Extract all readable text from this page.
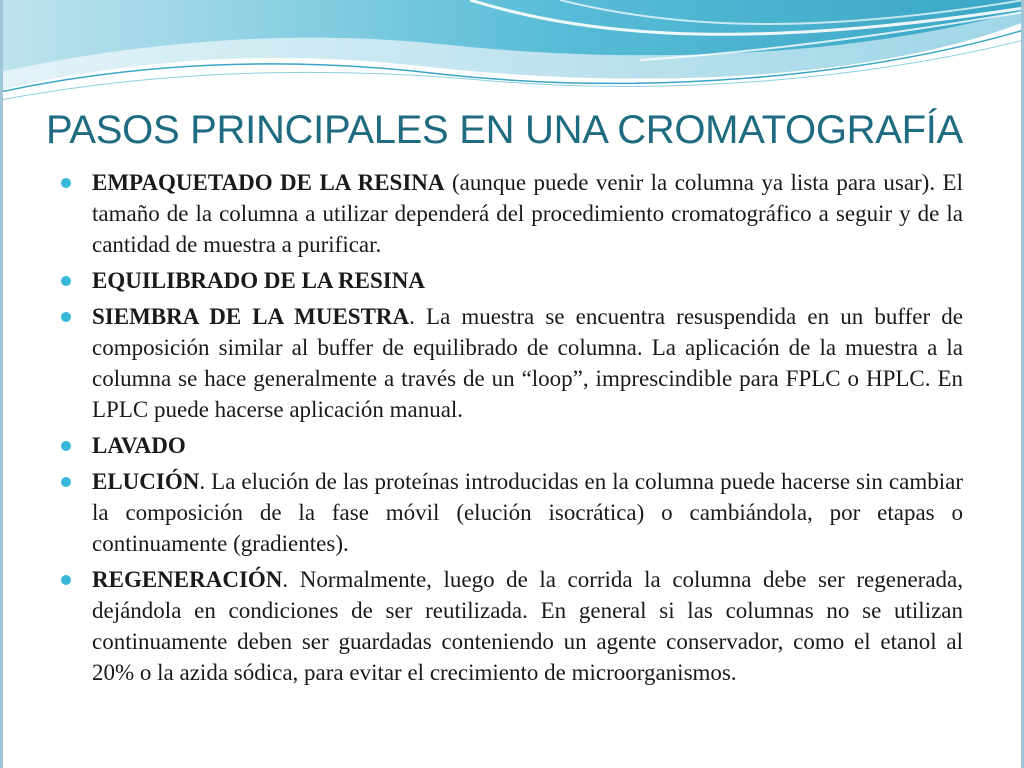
PASOS PRINCIPALES EN UNA CROMATOGRAFÍA
EMPAQUETADO DE LA RESINA (aunque puede venir la columna ya lista para usar). El tamaño de la columna a utilizar dependerá del procedimiento cromatográfico a seguir y de la cantidad de muestra a purificar.
EQUILIBRADO DE LA RESINA
SIEMBRA DE LA MUESTRA. La muestra se encuentra resuspendida en un buffer de composición similar al buffer de equilibrado de columna. La aplicación de la muestra a la columna se hace generalmente a través de un “loop”, imprescindible para FPLC o HPLC. En LPLC puede hacerse aplicación manual.
LAVADO
ELUCIÓN. La elución de las proteínas introducidas en la columna puede hacerse sin cambiar la composición de la fase móvil (elución isocrática) o cambiándola, por etapas o continuamente (gradientes).
REGENERACIÓN. Normalmente, luego de la corrida la columna debe ser regenerada, dejándola en condiciones de ser reutilizada. En general si las columnas no se utilizan continuamente deben ser guardadas conteniendo un agente conservador, como el etanol al 20% o la azida sódica, para evitar el crecimiento de microorganismos.
